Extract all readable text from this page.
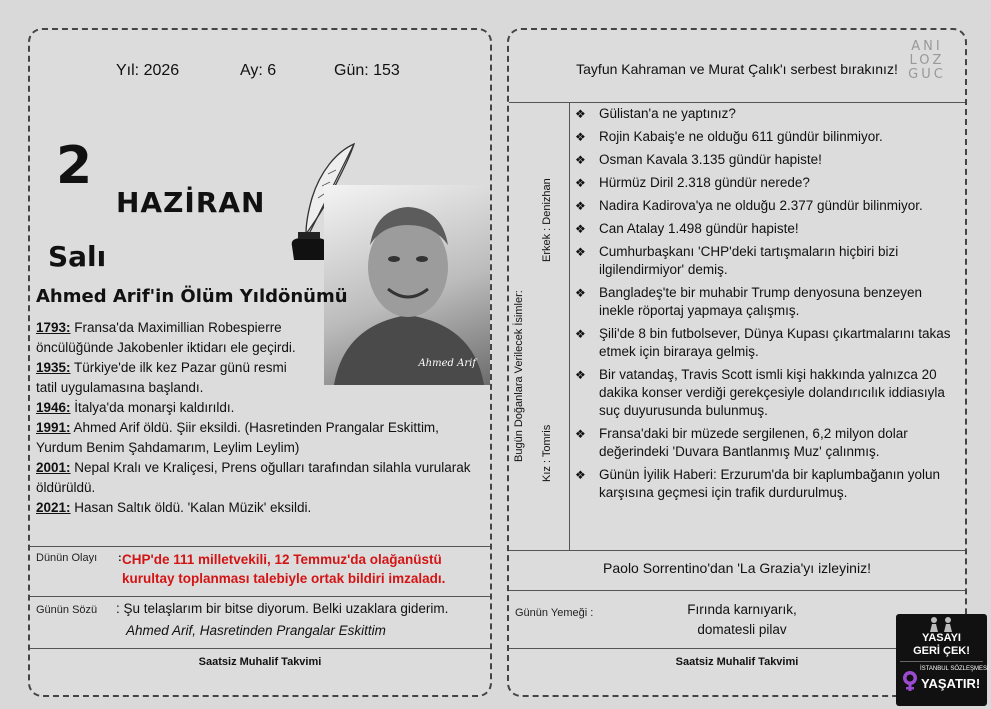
Yıl: 2026	Ay: 6	Gün: 153
2
HAZİRAN
Salı
Ahmed Arif
Ahmed Arif'in Ölüm Yıldönümü
1793: Fransa'da Maximillian Robespierre öncülüğünde Jakobenler iktidarı ele geçirdi.
1935: Türkiye'de ilk kez Pazar günü resmi tatil uygulamasına başlandı.
1946: İtalya'da monarşi kaldırıldı.
1991: Ahmed Arif öldü. Şiir eksildi. (Hasretinden Prangalar Eskittim, Yurdum Benim Şahdamarım, Leylim Leylim)
2001: Nepal Kralı ve Kraliçesi, Prens oğulları tarafından silahla vurularak öldürüldü.
2021: Hasan Saltık öldü. 'Kalan Müzik' eksildi.
Dünün Olayı : CHP'de 111 milletvekili, 12 Temmuz'da olağanüstü
kurultay toplanması talebiyle ortak bildiri imzaladı.
Günün Sözü : Şu telaşlarım bir bitse diyorum. Belki uzaklara giderim.
Ahmed Arif, Hasretinden Prangalar Eskittim
Saatsiz Muhalif Takvimi
Tayfun Kahraman ve Murat Çalık'ı serbest bırakınız!
ANI
LOZ
GUC
Bugün Doğanlara Verilecek İsimler:
Erkek : Denizhan
Kız : Tomris
❖ Gülistan'a ne yaptınız?
❖ Rojin Kabaiş'e ne olduğu 611 gündür bilinmiyor.
❖ Osman Kavala 3.135 gündür hapiste!
❖ Hürmüz Diril 2.318 gündür nerede?
❖ Nadira Kadirova'ya ne olduğu 2.377 gündür bilinmiyor.
❖ Can Atalay 1.498 gündür hapiste!
❖ Cumhurbaşkanı 'CHP'deki tartışmaların hiçbiri bizi ilgilendirmiyor' demiş.
❖ Bangladeş'te bir muhabir Trump denyosuna benzeyen inekle röportaj yapmaya çalışmış.
❖ Şili'de 8 bin futbolsever, Dünya Kupası çıkartmalarını takas etmek için biraraya gelmiş.
❖ Bir vatandaş, Travis Scott ismli kişi hakkında yalnızca 20 dakika konser verdiği gerekçesiyle dolandırıcılık iddiasıyla suç duyurusunda bulunmuş.
❖ Fransa'daki bir müzede sergilenen, 6,2 milyon dolar değerindeki 'Duvara Bantlanmış Muz' çalınmış.
❖ Günün İyilik Haberi: Erzurum'da bir kaplumbağanın yolun karşısına geçmesi için trafik durdurulmuş.
Paolo Sorrentino'dan 'La Grazia'yı izleyiniz!
Günün Yemeği :	Fırında karnıyarık,
domatesli pilav
Saatsiz Muhalif Takvimi
YASAYI
GERİ ÇEK!
İSTANBUL SÖZLEŞMESİ
YAŞATIR!
